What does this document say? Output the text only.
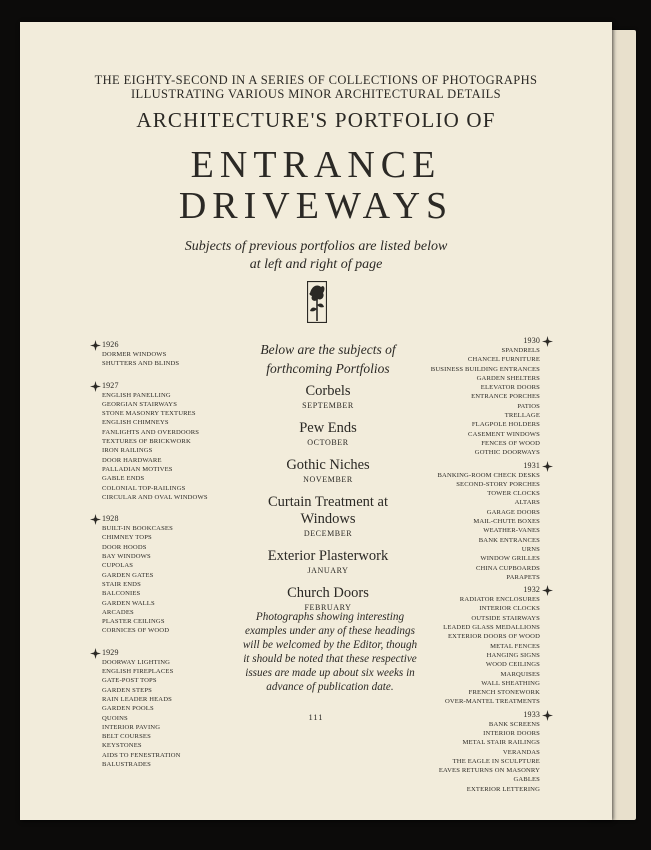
THE EIGHTY-SECOND IN A SERIES OF COLLECTIONS OF PHOTOGRAPHS
ILLUSTRATING VARIOUS MINOR ARCHITECTURAL DETAILS
ARCHITECTURE'S PORTFOLIO OF
ENTRANCE
DRIVEWAYS
Subjects of previous portfolios are listed below
at left and right of page
1926
DORMER WINDOWS
SHUTTERS AND BLINDS
1927
ENGLISH PANELLING
GEORGIAN STAIRWAYS
STONE MASONRY TEXTURES
ENGLISH CHIMNEYS
FANLIGHTS AND OVERDOORS
TEXTURES OF BRICKWORK
IRON RAILINGS
DOOR HARDWARE
PALLADIAN MOTIVES
GABLE ENDS
COLONIAL TOP-RAILINGS
CIRCULAR AND OVAL WINDOWS
1928
BUILT-IN BOOKCASES
CHIMNEY TOPS
DOOR HOODS
BAY WINDOWS
CUPOLAS
GARDEN GATES
STAIR ENDS
BALCONIES
GARDEN WALLS
ARCADES
PLASTER CEILINGS
CORNICES OF WOOD
1929
DOORWAY LIGHTING
ENGLISH FIREPLACES
GATE-POST TOPS
GARDEN STEPS
RAIN LEADER HEADS
GARDEN POOLS
QUOINS
INTERIOR PAVING
BELT COURSES
KEYSTONES
AIDS TO FENESTRATION
BALUSTRADES
1930
SPANDRELS
CHANCEL FURNITURE
BUSINESS BUILDING ENTRANCES
GARDEN SHELTERS
ELEVATOR DOORS
ENTRANCE PORCHES
PATIOS
TRELLAGE
FLAGPOLE HOLDERS
CASEMENT WINDOWS
FENCES OF WOOD
GOTHIC DOORWAYS
1931
BANKING-ROOM CHECK DESKS
SECOND-STORY PORCHES
TOWER CLOCKS
ALTARS
GARAGE DOORS
MAIL-CHUTE BOXES
WEATHER-VANES
BANK ENTRANCES
URNS
WINDOW GRILLES
CHINA CUPBOARDS
PARAPETS
1932
RADIATOR ENCLOSURES
INTERIOR CLOCKS
OUTSIDE STAIRWAYS
LEADED GLASS MEDALLIONS
EXTERIOR DOORS OF WOOD
METAL FENCES
HANGING SIGNS
WOOD CEILINGS
MARQUISES
WALL SHEATHING
FRENCH STONEWORK
OVER-MANTEL TREATMENTS
1933
BANK SCREENS
INTERIOR DOORS
METAL STAIR RAILINGS
VERANDAS
THE EAGLE IN SCULPTURE
EAVES RETURNS ON MASONRY
GABLES
EXTERIOR LETTERING
Below are the subjects of
forthcoming Portfolios
Corbels
SEPTEMBER
Pew Ends
OCTOBER
Gothic Niches
NOVEMBER
Curtain Treatment at Windows
DECEMBER
Exterior Plasterwork
JANUARY
Church Doors
FEBRUARY
Photographs showing interesting examples under any of these headings will be welcomed by the Editor, though it should be noted that these respective issues are made up about six weeks in advance of publication date.
111
